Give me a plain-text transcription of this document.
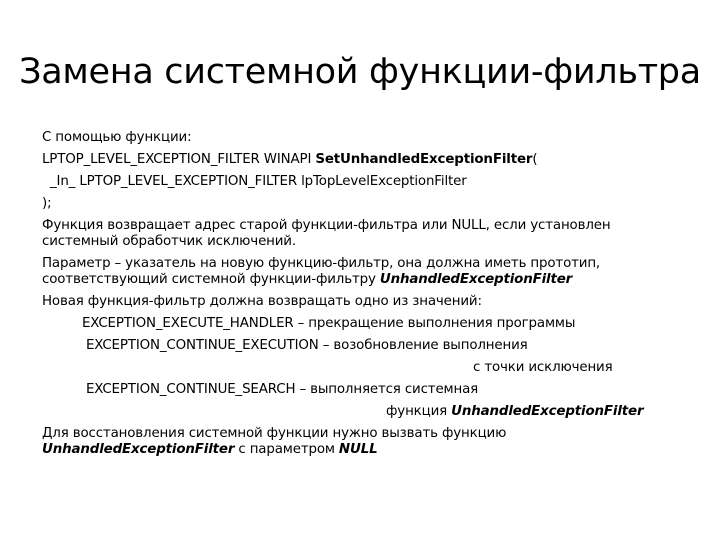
Замена системной функции-фильтра
С помощью функции:
LPTOP_LEVEL_EXCEPTION_FILTER WINAPI SetUnhandledExceptionFilter(
_In_ LPTOP_LEVEL_EXCEPTION_FILTER lpTopLevelExceptionFilter
);
Функция возвращает адрес старой функции-фильтра или NULL, если установлен
системный обработчик исключений.
Параметр – указатель на новую функцию-фильтр, она должна иметь прототип,
соответствующий системной функции-фильтру UnhandledExceptionFilter
Новая функция-фильтр должна возвращать одно из значений:
EXCEPTION_EXECUTE_HANDLER – прекращение выполнения программы
EXCEPTION_CONTINUE_EXECUTION – возобновление выполнения
с точки исключения
EXCEPTION_CONTINUE_SEARCH – выполняется системная
функция UnhandledExceptionFilter
Для восстановления системной функции нужно вызвать функцию
UnhandledExceptionFilter с параметром NULL
